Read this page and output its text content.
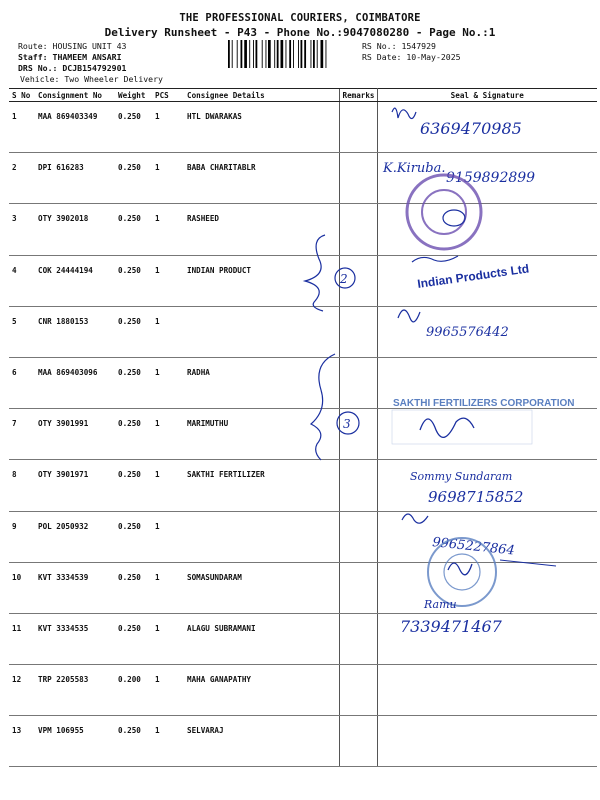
THE PROFESSIONAL COURIERS, COIMBATORE
Delivery Runsheet - P43 - Phone No.:9047080280 - Page No.:1
Route: HOUSING UNIT 43
Staff: THAMEEM ANSARI
DRS No.: DCJB154792901
Vehicle: Two Wheeler Delivery
RS No.: 1547929
RS Date: 10-May-2025
S No	Consignment No	Weight	PCS	Consignee Details	Remarks	Seal & Signature
1	MAA 869403349	0.250	1	HTL DWARAKAS		
2	DPI 616283	0.250	1	BABA CHARITABLR		
3	OTY 3902018	0.250	1	RASHEED		
4	COK 24444194	0.250	1	INDIAN PRODUCT		
5	CNR 1880153	0.250	1			
6	MAA 869403096	0.250	1	RADHA		
7	OTY 3901991	0.250	1	MARIMUTHU		
8	OTY 3901971	0.250	1	SAKTHI FERTILIZER		
9	POL 2050932	0.250	1			
10	KVT 3334539	0.250	1	SOMASUNDARAM		
11	KVT 3334535	0.250	1	ALAGU SUBRAMANI		
12	TRP 2205583	0.200	1	MAHA GANAPATHY		
13	VPM 106955	0.250	1	SELVARAJ		
6369470985
K.Kiruba.
9159892899
2	Indian Products Ltd
9965576442
3
SAKTHI FERTILIZERS CORPORATION
Sommy Sundaram
9698715852
9965227864
Ramu
7339471467
